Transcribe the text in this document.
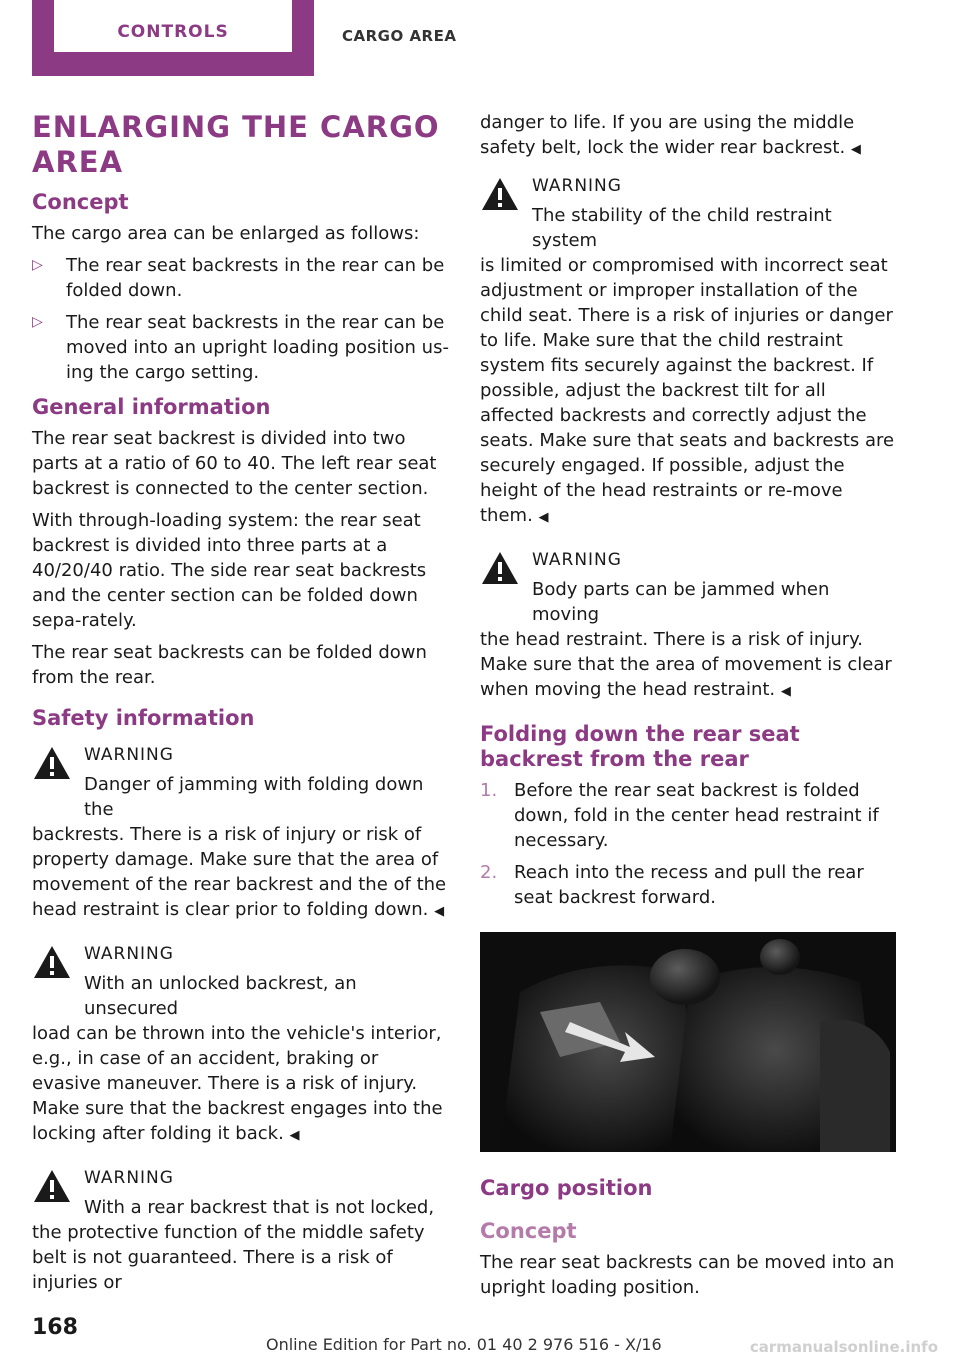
CONTROLS	CARGO AREA
ENLARGING THE CARGO AREA
Concept

The cargo area can be enlarged as follows:

▷ The rear seat backrests in the rear can be folded down.
▷ The rear seat backrests in the rear can be moved into an upright loading position us‐ing the cargo setting.
General information

The rear seat backrest is divided into two parts at a ratio of 60 to 40. The left rear seat backrest is connected to the center section.

With through-loading system: the rear seat backrest is divided into three parts at a 40/20/40 ratio. The side rear seat backrests and the center section can be folded down sepa‐rately.

The rear seat backrests can be folded down from the rear.

Safety information
WARNING
Danger of jamming with folding down the
backrests. There is a risk of injury or risk of property damage. Make sure that the area of movement of the rear backrest and the of the head restraint is clear prior to folding down. ◀
WARNING
With an unlocked backrest, an unsecured
load can be thrown into the vehicle's interior, e.g., in case of an accident, braking or evasive maneuver. There is a risk of injury. Make sure that the backrest engages into the locking after folding it back. ◀
WARNING
With a rear backrest that is not locked,
the protective function of the middle safety belt is not guaranteed. There is a risk of injuries or

danger to life. If you are using the middle safety belt, lock the wider rear backrest. ◀

WARNING
The stability of the child restraint system
is limited or compromised with incorrect seat adjustment or improper installation of the child seat. There is a risk of injuries or danger to life. Make sure that the child restraint system fits securely against the backrest. If possible, adjust the backrest tilt for all affected backrests and correctly adjust the seats. Make sure that seats and backrests are securely engaged. If possible, adjust the height of the head restraints or re‐move them. ◀
WARNING
Body parts can be jammed when moving
the head restraint. There is a risk of injury. Make sure that the area of movement is clear when moving the head restraint. ◀
Folding down the rear seat backrest from the rear
1. Before the rear seat backrest is folded down, fold in the center head restraint if necessary.
2. Reach into the recess and pull the rear seat backrest forward.
Cargo position
Concept

The rear seat backrests can be moved into an upright loading position.

168
Online Edition for Part no. 01 40 2 976 516 - X/16	carmanualsonline.info
